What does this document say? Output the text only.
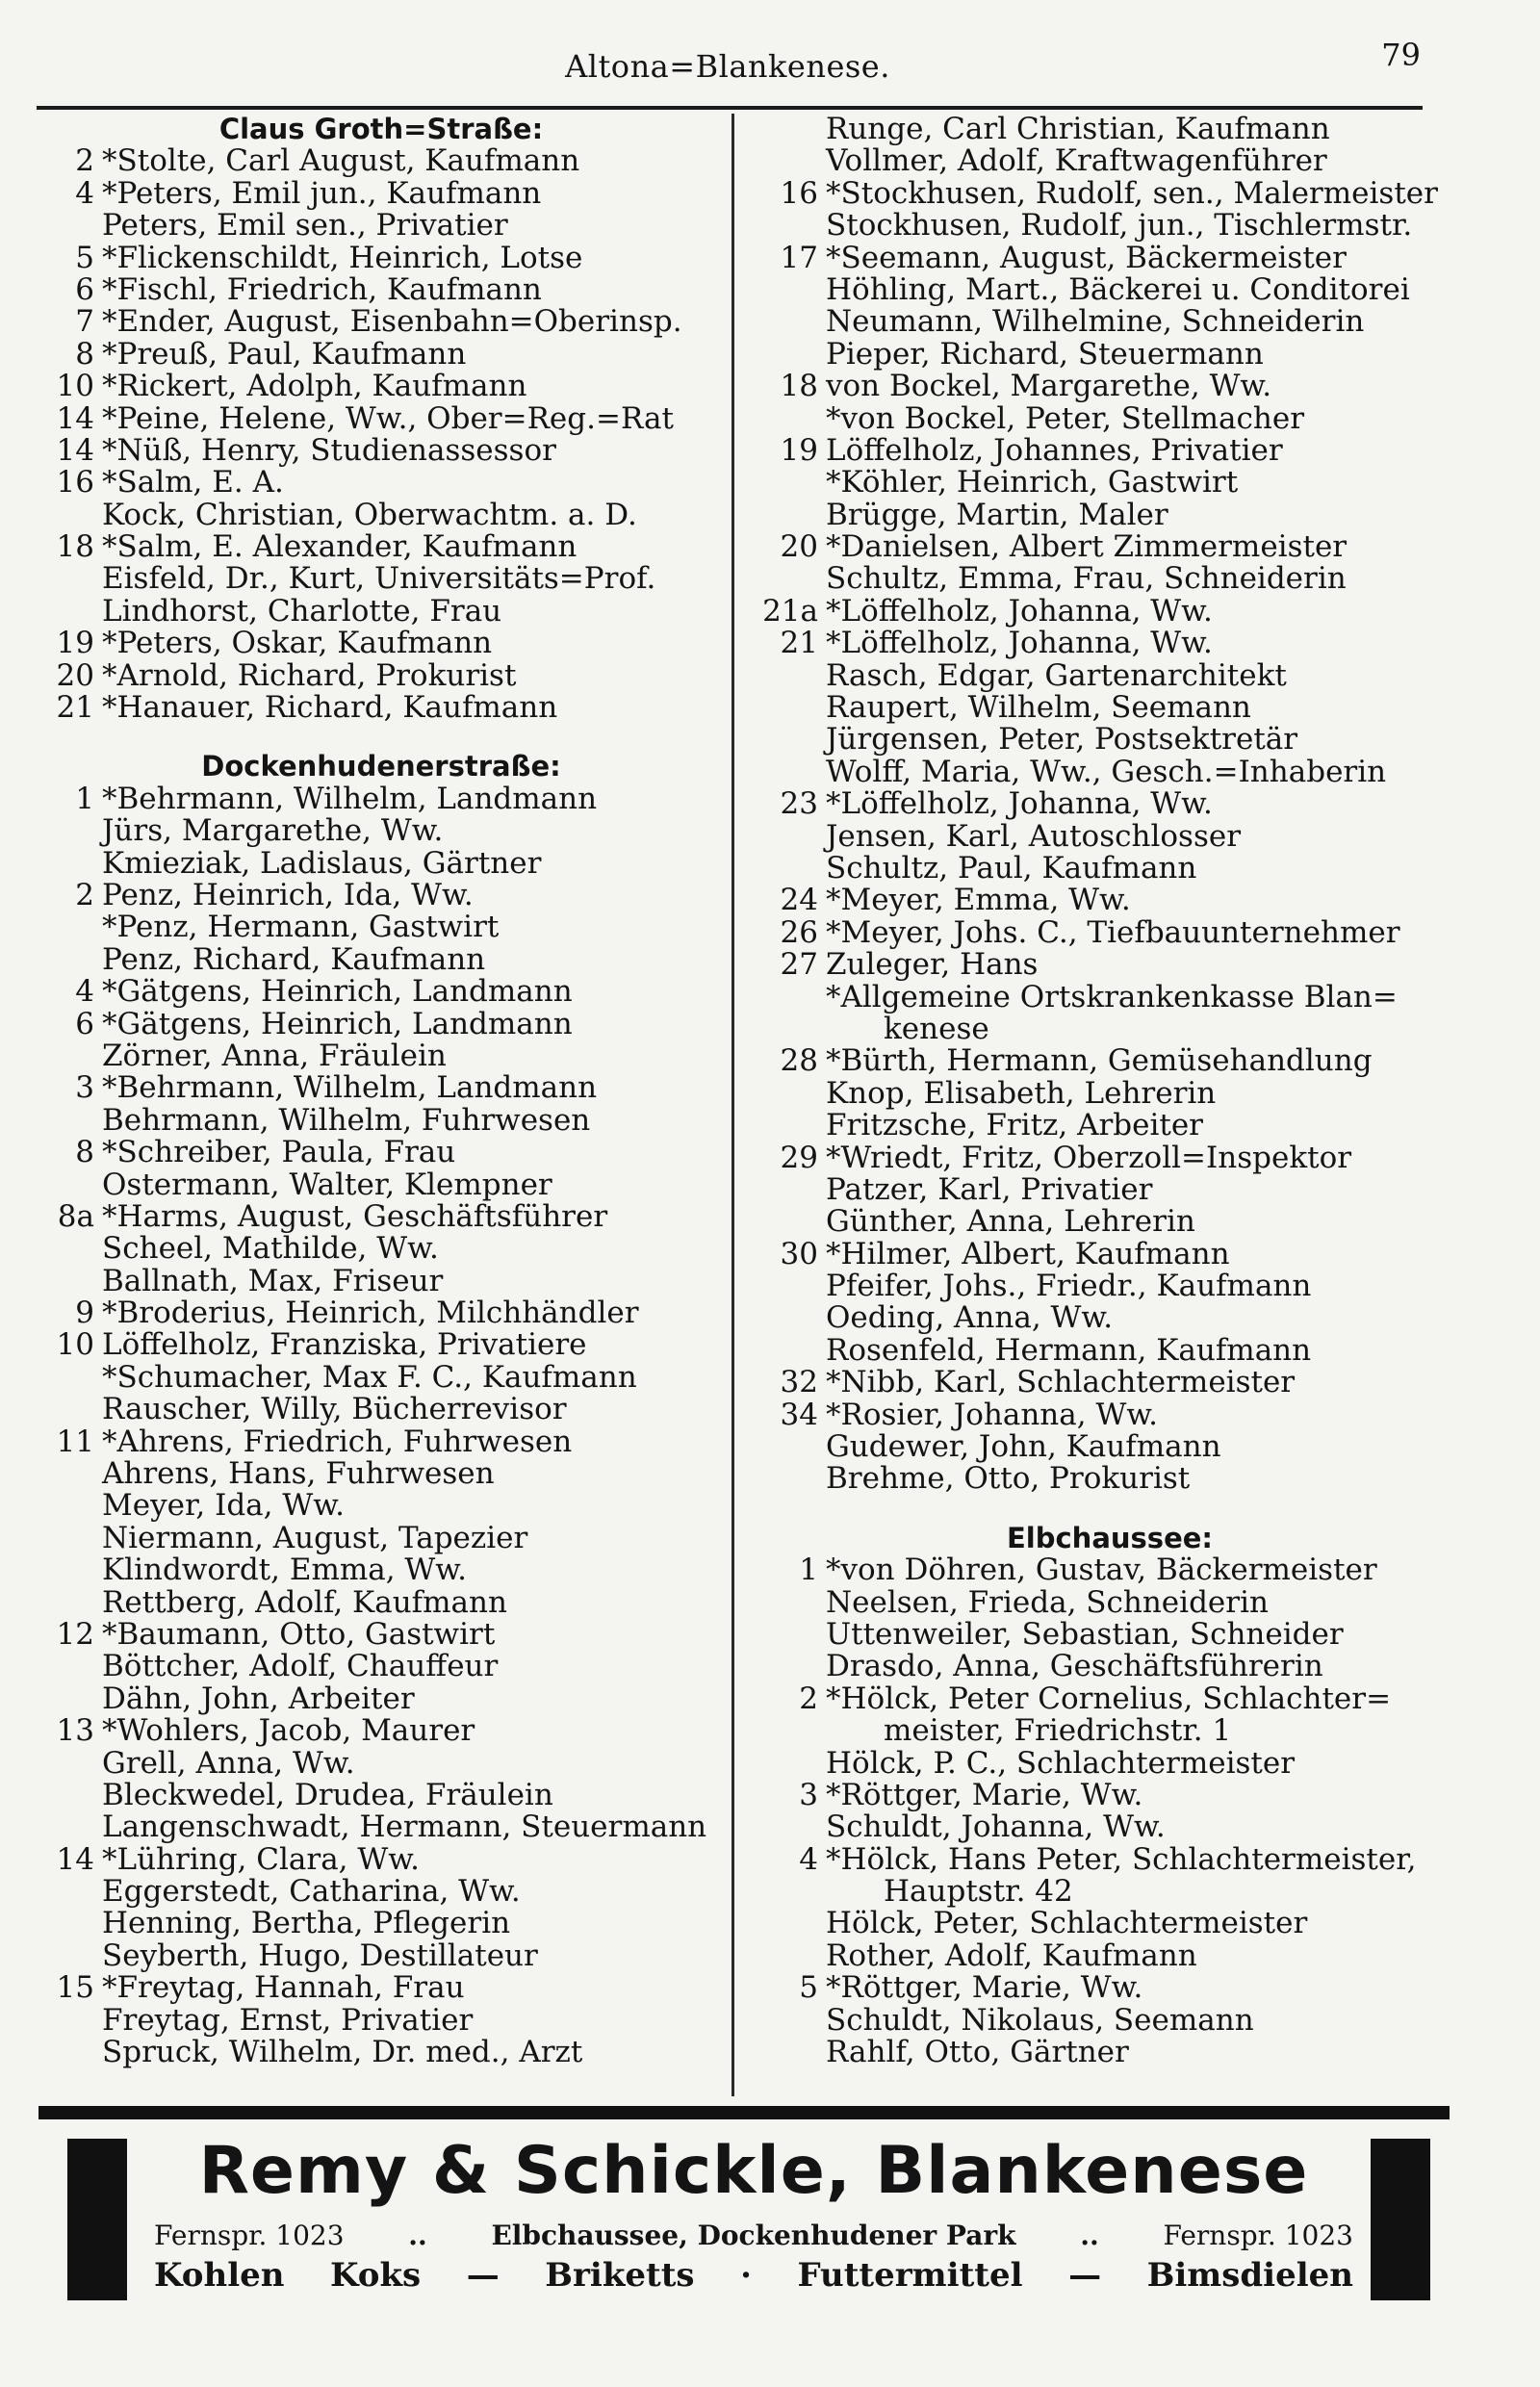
Altona=Blankenese.	79
Claus Groth=Straße:
2 *Stolte, Carl August, Kaufmann
4 *Peters, Emil jun., Kaufmann
Peters, Emil sen., Privatier
5 *Flickenschildt, Heinrich, Lotse
6 *Fischl, Friedrich, Kaufmann
7 *Ender, August, Eisenbahn=Oberinsp.
8 *Preuß, Paul, Kaufmann
10 *Rickert, Adolph, Kaufmann
14 *Peine, Helene, Ww., Ober=Reg.=Rat
14 *Nüß, Henry, Studienassessor
16 *Salm, E. A.
Kock, Christian, Oberwachtm. a. D.
18 *Salm, E. Alexander, Kaufmann
Eisfeld, Dr., Kurt, Universitäts=Prof.
Lindhorst, Charlotte, Frau
19 *Peters, Oskar, Kaufmann
20 *Arnold, Richard, Prokurist
21 *Hanauer, Richard, Kaufmann
Dockenhudenerstraße:
1 *Behrmann, Wilhelm, Landmann
Jürs, Margarethe, Ww.
Kmieziak, Ladislaus, Gärtner
2 Penz, Heinrich, Ida, Ww.
*Penz, Hermann, Gastwirt
Penz, Richard, Kaufmann
4 *Gätgens, Heinrich, Landmann
6 *Gätgens, Heinrich, Landmann
Zörner, Anna, Fräulein
3 *Behrmann, Wilhelm, Landmann
Behrmann, Wilhelm, Fuhrwesen
8 *Schreiber, Paula, Frau
Ostermann, Walter, Klempner
8a *Harms, August, Geschäftsführer
Scheel, Mathilde, Ww.
Ballnath, Max, Friseur
9 *Broderius, Heinrich, Milchhändler
10 Löffelholz, Franziska, Privatiere
*Schumacher, Max F. C., Kaufmann
Rauscher, Willy, Bücherrevisor
11 *Ahrens, Friedrich, Fuhrwesen
Ahrens, Hans, Fuhrwesen
Meyer, Ida, Ww.
Niermann, August, Tapezier
Klindwordt, Emma, Ww.
Rettberg, Adolf, Kaufmann
12 *Baumann, Otto, Gastwirt
Böttcher, Adolf, Chauffeur
Dähn, John, Arbeiter
13 *Wohlers, Jacob, Maurer
Grell, Anna, Ww.
Bleckwedel, Drudea, Fräulein
Langenschwadt, Hermann, Steuermann
14 *Lühring, Clara, Ww.
Eggerstedt, Catharina, Ww.
Henning, Bertha, Pflegerin
Seyberth, Hugo, Destillateur
15 *Freytag, Hannah, Frau
Freytag, Ernst, Privatier
Spruck, Wilhelm, Dr. med., Arzt
Runge, Carl Christian, Kaufmann
Vollmer, Adolf, Kraftwagenführer
16 *Stockhusen, Rudolf, sen., Malermeister
Stockhusen, Rudolf, jun., Tischlermstr.
17 *Seemann, August, Bäckermeister
Höhling, Mart., Bäckerei u. Conditorei
Neumann, Wilhelmine, Schneiderin
Pieper, Richard, Steuermann
18 von Bockel, Margarethe, Ww.
*von Bockel, Peter, Stellmacher
19 Löffelholz, Johannes, Privatier
*Köhler, Heinrich, Gastwirt
Brügge, Martin, Maler
20 *Danielsen, Albert Zimmermeister
Schultz, Emma, Frau, Schneiderin
21a *Löffelholz, Johanna, Ww.
21 *Löffelholz, Johanna, Ww.
Rasch, Edgar, Gartenarchitekt
Raupert, Wilhelm, Seemann
Jürgensen, Peter, Postsektretär
Wolff, Maria, Ww., Gesch.=Inhaberin
23 *Löffelholz, Johanna, Ww.
Jensen, Karl, Autoschlosser
Schultz, Paul, Kaufmann
24 *Meyer, Emma, Ww.
26 *Meyer, Johs. C., Tiefbauunternehmer
27 Zuleger, Hans
*Allgemeine Ortskrankenkasse Blan=
kenese
28 *Bürth, Hermann, Gemüsehandlung
Knop, Elisabeth, Lehrerin
Fritzsche, Fritz, Arbeiter
29 *Wriedt, Fritz, Oberzoll=Inspektor
Patzer, Karl, Privatier
Günther, Anna, Lehrerin
30 *Hilmer, Albert, Kaufmann
Pfeifer, Johs., Friedr., Kaufmann
Oeding, Anna, Ww.
Rosenfeld, Hermann, Kaufmann
32 *Nibb, Karl, Schlachtermeister
34 *Rosier, Johanna, Ww.
Gudewer, John, Kaufmann
Brehme, Otto, Prokurist
Elbchaussee:
1 *von Döhren, Gustav, Bäckermeister
Neelsen, Frieda, Schneiderin
Uttenweiler, Sebastian, Schneider
Drasdo, Anna, Geschäftsführerin
2 *Hölck, Peter Cornelius, Schlachter=
meister, Friedrichstr. 1
Hölck, P. C., Schlachtermeister
3 *Röttger, Marie, Ww.
Schuldt, Johanna, Ww.
4 *Hölck, Hans Peter, Schlachtermeister,
Hauptstr. 42
Hölck, Peter, Schlachtermeister
Rother, Adolf, Kaufmann
5 *Röttger, Marie, Ww.
Schuldt, Nikolaus, Seemann
Rahlf, Otto, Gärtner
Remy & Schickle, Blankenese
Fernspr. 1023 .. Elbchaussee, Dockenhudener Park .. Fernspr. 1023
Kohlen Koks — Briketts · Futtermittel — Bimsdielen
